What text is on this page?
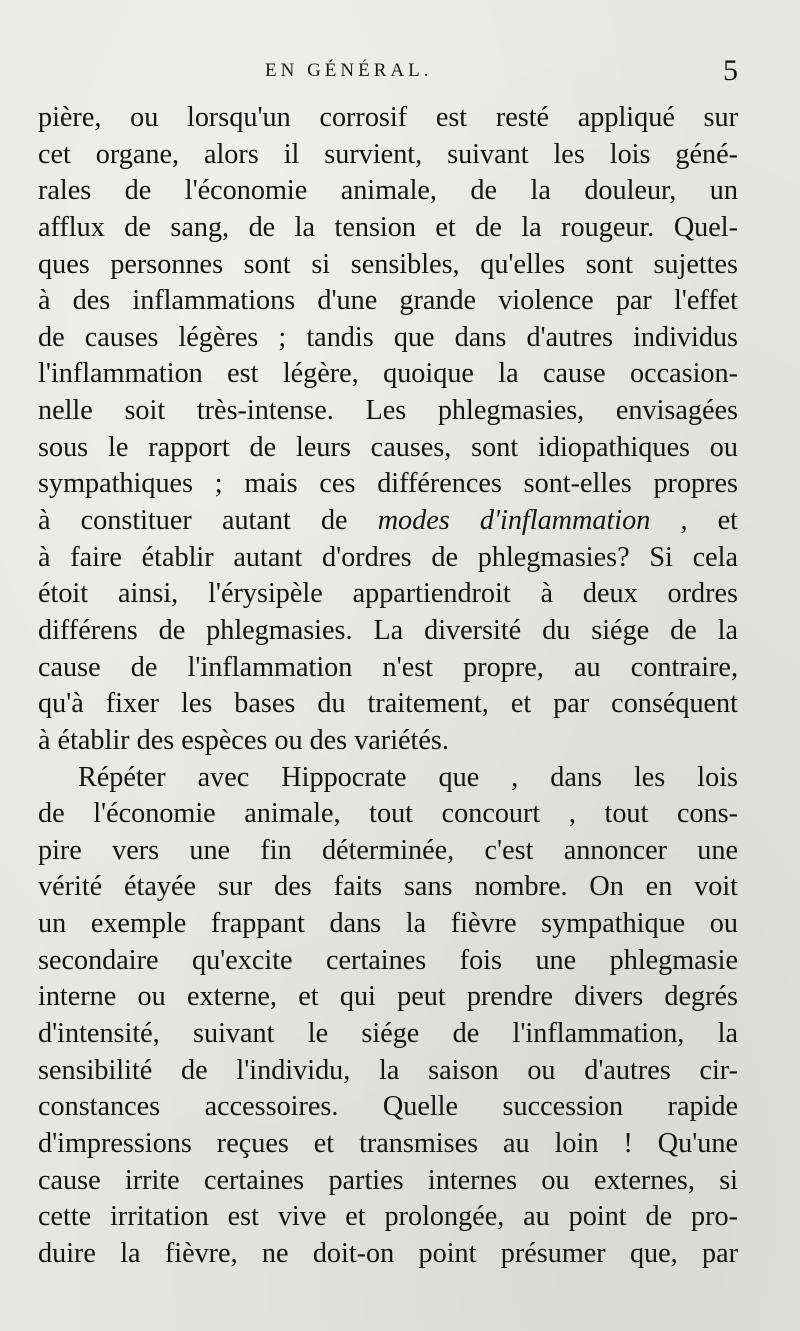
EN GÉNÉRAL.	5
pière, ou lorsqu'un corrosif est resté appliqué sur
cet organe, alors il survient, suivant les lois géné-
rales de l'économie animale, de la douleur, un
afflux de sang, de la tension et de la rougeur. Quel-
ques personnes sont si sensibles, qu'elles sont sujettes
à des inflammations d'une grande violence par l'effet
de causes légères ; tandis que dans d'autres individus
l'inflammation est légère, quoique la cause occasion-
nelle soit très-intense. Les phlegmasies, envisagées
sous le rapport de leurs causes, sont idiopathiques ou
sympathiques ; mais ces différences sont-elles propres
à constituer autant de modes d'inflammation , et
à faire établir autant d'ordres de phlegmasies? Si cela
étoit ainsi, l'érysipèle appartiendroit à deux ordres
différens de phlegmasies. La diversité du siége de la
cause de l'inflammation n'est propre, au contraire,
qu'à fixer les bases du traitement, et par conséquent
à établir des espèces ou des variétés.
Répéter avec Hippocrate que , dans les lois
de l'économie animale, tout concourt , tout cons-
pire vers une fin déterminée, c'est annoncer une
vérité étayée sur des faits sans nombre. On en voit
un exemple frappant dans la fièvre sympathique ou
secondaire qu'excite certaines fois une phlegmasie
interne ou externe, et qui peut prendre divers degrés
d'intensité, suivant le siége de l'inflammation, la
sensibilité de l'individu, la saison ou d'autres cir-
constances accessoires. Quelle succession rapide
d'impressions reçues et transmises au loin ! Qu'une
cause irrite certaines parties internes ou externes, si
cette irritation est vive et prolongée, au point de pro-
duire la fièvre, ne doit-on point présumer que, par
